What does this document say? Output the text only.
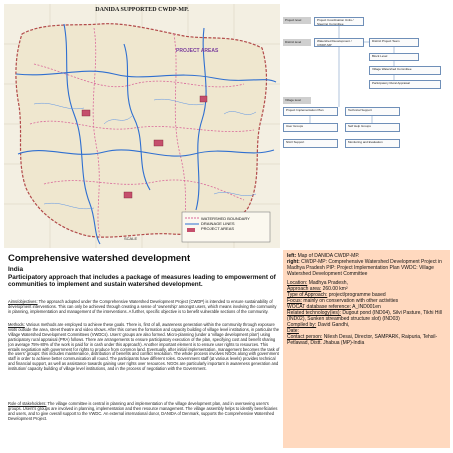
DANIDA SUPPORTED CWDP-MP.
PROJECT AREAS
WATERSHED BOUNDARY
DRAINAGE LINES
PROJECT AREAS
SCALE
Project level	Project Coordination Units / Steering Committee
District level	Watershed Development / CWDP-MP
District Project Team
Block Level
Village Watershed Committee
Participatory Rural Appraisal
Village level
Project Implementation Plan	Technical Support
User Groups	Self Help Groups
NGO Support	Monitoring and Evaluation
left: Map of DANIDA CWDP-MP.
right: CWDP-MP: Comprehensive Watershed Development Project in Madhya Pradesh PIP: Project Implementation Plan VWDC: Village Watershed Development Committee
Location: Madhya Pradesh,
Approach area: 260.00 km²
Type of Approach: project/programme based
Focus: mainly on conservation with other activities
WOCAT database reference: A_IND001en
Related technology(ies): Dugout pond (IND04), Silvi Pasture, Tikhi Hill (IND02), Sunken streambed structure slot) (IND03)
Compiled by: David Gandhi,
Date:
Contact person: Nilesh Desai, Director, SAMPARK, Raipuria, Tehsil- Petlawad, Distt. Jhabua (MP)-India
Comprehensive watershed development
India
Participatory approach that includes a package of measures leading to empowerment of communities to implement and sustain watershed development.
Aims/objectives: The approach adopted under the Comprehensive Watershed Development Project (CWDP) is intended to ensure sustainability of development interventions. This can only be achieved through creating a sense of 'ownership' amongst users, which means involving the community in planning, implementation and management of the interventions. A further, specific objective is to benefit vulnerable sections of the community.
Methods: Various methods are employed to achieve these goals. There is, first of all, awareness generation within the community through exposure visits outside the area, street theatre and video shows. After this comes the formation and capacity building of village level institutions, in particular the Village Watershed Development Committees (VWDCs). Users' groups are also formed. Micro-planning (under a 'village development plan') using participatory rural appraisal (PRA) follows. There are arrangements to ensure participatory execution of the plan, specifying cost and benefit sharing (on average 75%-80% of the work is paid for in cash under this approach). Another important element is to ensure user rights to resources. This entails negotiation with government for rights to produce from common land. Eventually, after initial implementation, management becomes the task of the users' groups: this includes maintenance, distribution of benefits and conflict resolution. The whole process involves NGOs along with government staff in order to achieve better communication all round. The participants have different roles. Government staff (at various levels) provides technical and financial support, as well as assistance towards gaining user rights over resources. NGOs are particularly important in awareness generation and institution/ capacity building of village level institutions, and in the process of negotiation with the Government.
Role of stakeholders: The village committee is central in planning and implementation of the village development plan, and in overseeing users's groups. Users's groups are involved in planning, implementation and then resource management. The village assembly helps to identify beneficiaries and users, and to give overall support to the VWDC. An external international donor, DANIDA of Denmark, supports the Comprehensive Watershed Development Project.
